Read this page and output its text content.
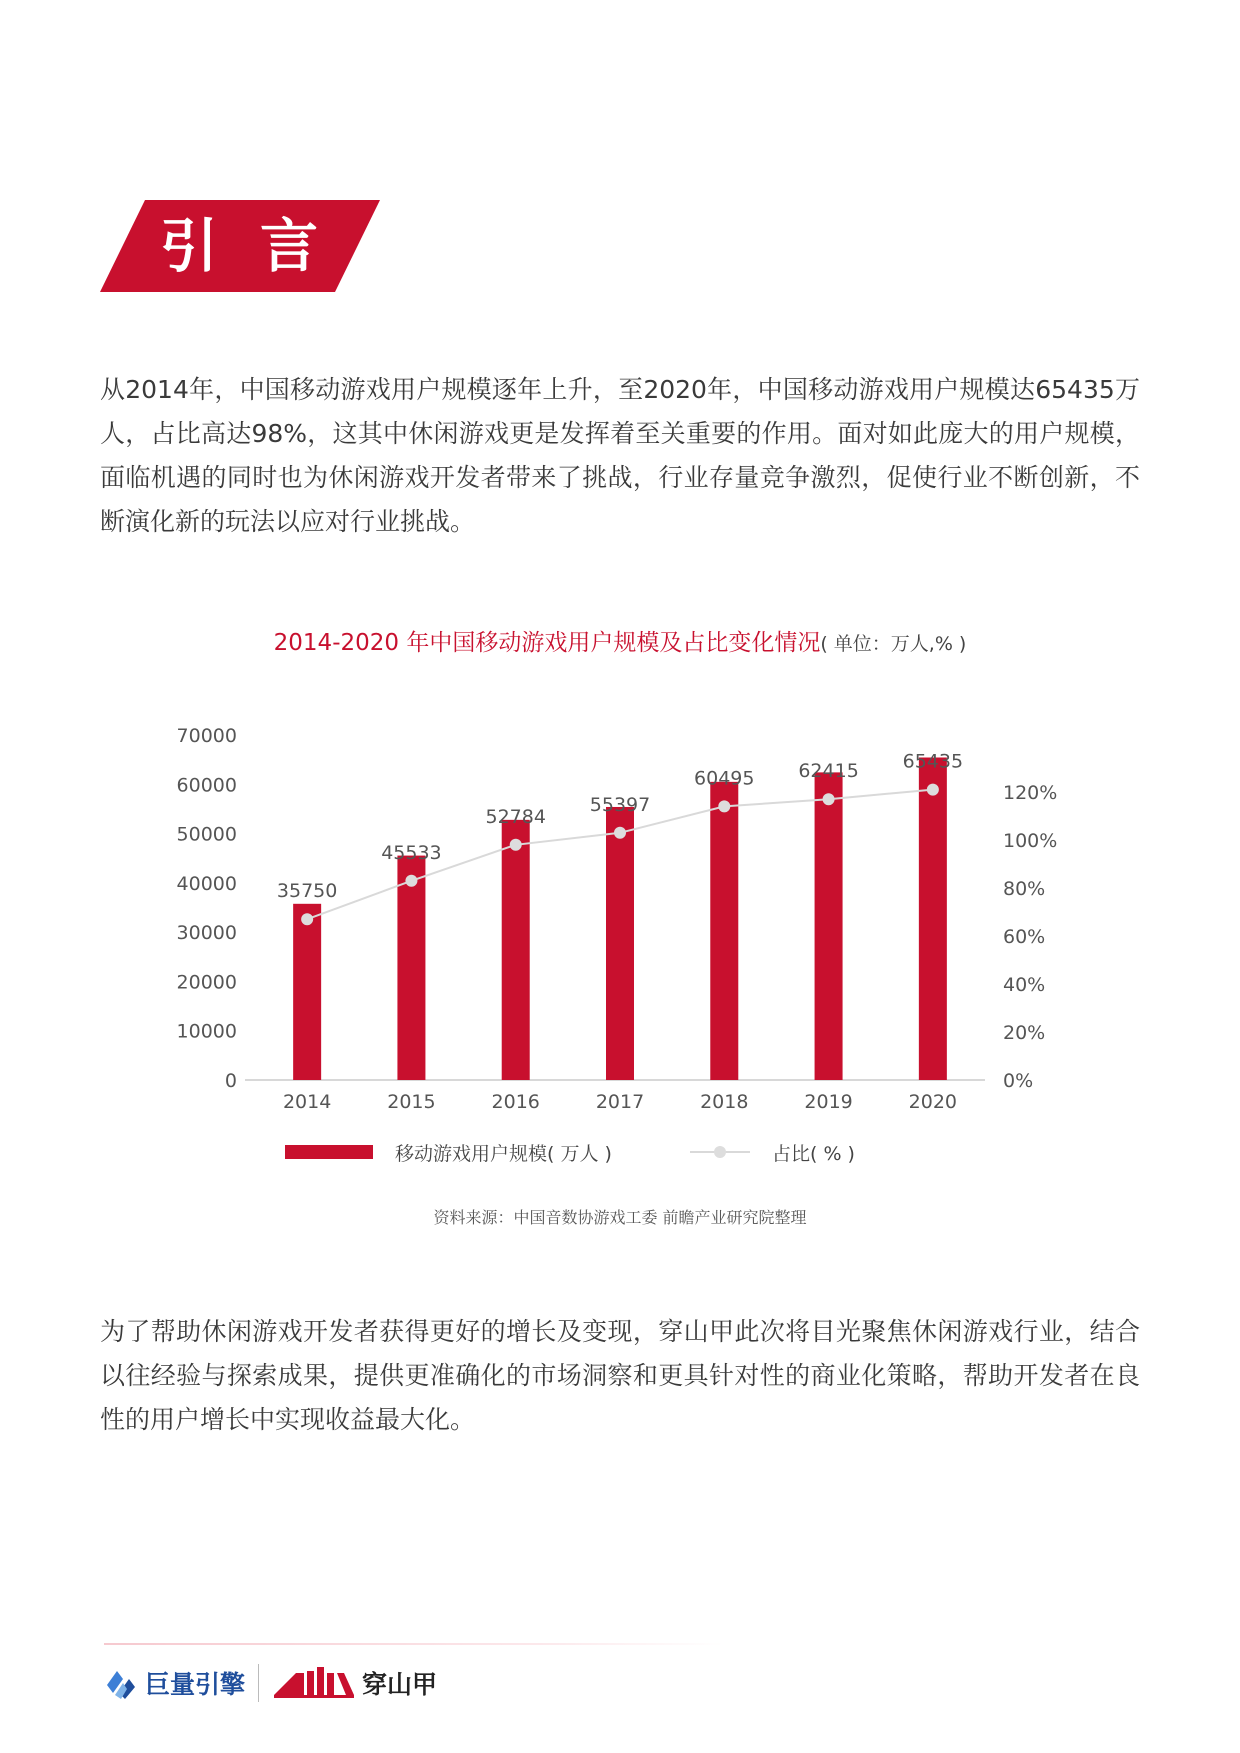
引言

从2014年，中国移动游戏用户规模逐年上升，至2020年，中国移动游戏用户规模达65435万人，占比高达98%，这其中休闲游戏更是发挥着至关重要的作用。面对如此庞大的用户规模，面临机遇的同时也为休闲游戏开发者带来了挑战，行业存量竞争激烈，促使行业不断创新，不断演化新的玩法以应对行业挑战。

2014-2020 年中国移动游戏用户规模及占比变化情况( 单位：万人,% )
0
10000
20000
30000
40000
50000
60000
70000
0%
20%
40%
60%
80%
100%
120%
35750
45533
52784
55397
60495 62415 65435
2014	2015	2016	2017	2018	2019	2020
移动游戏用户规模( 万人 )	占比( % )
资料来源：中国音数协游戏工委 前瞻产业研究院整理

为了帮助休闲游戏开发者获得更好的增长及变现，穿山甲此次将目光聚焦休闲游戏行业，结合以往经验与探索成果，提供更准确化的市场洞察和更具针对性的商业化策略，帮助开发者在良性的用户增长中实现收益最大化。

巨量引擎	穿山甲
